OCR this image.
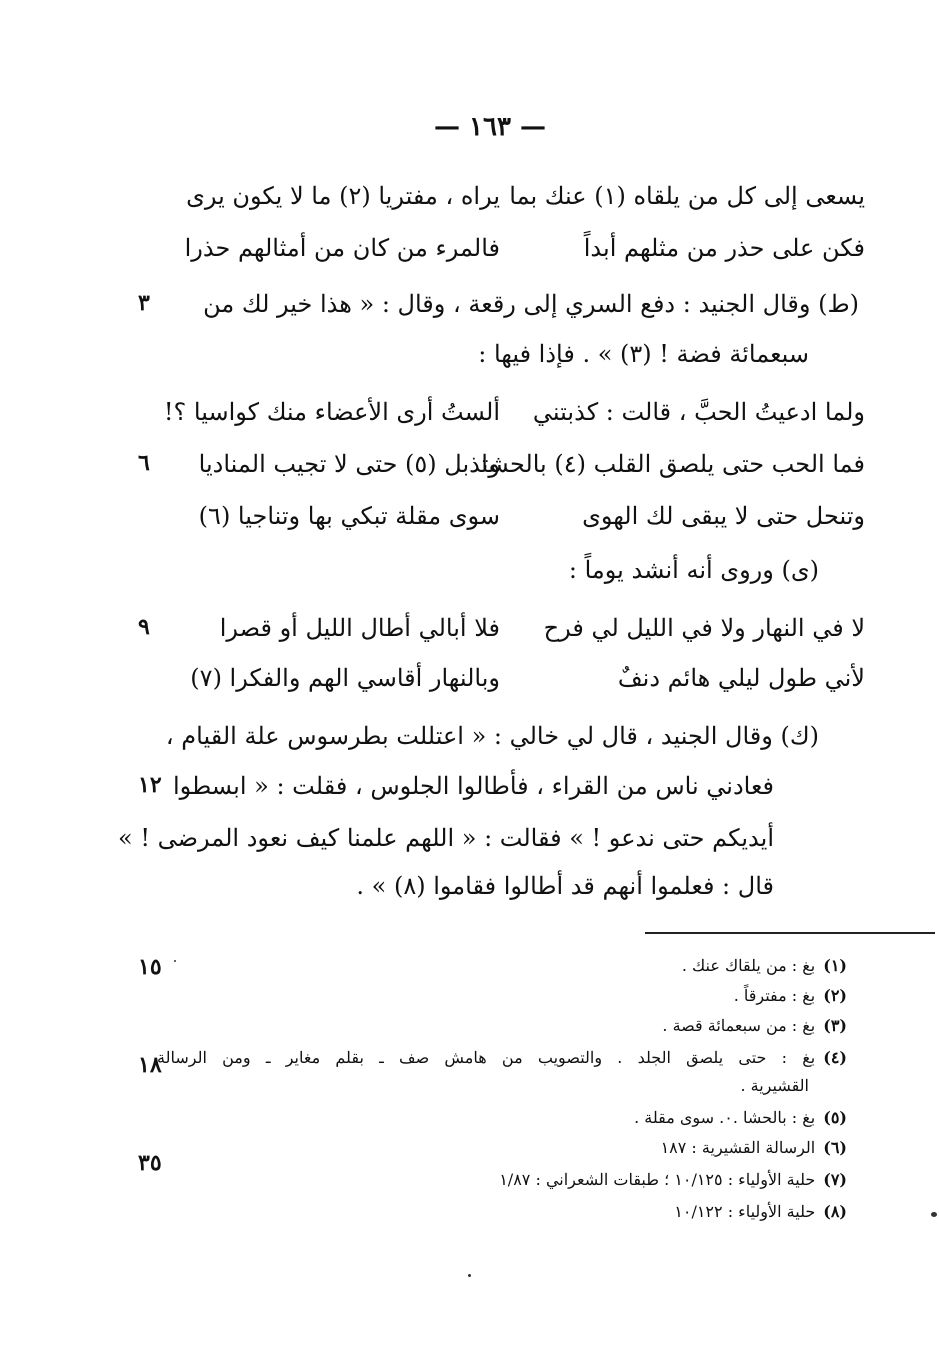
— ١٦٣ —
يسعى إلى كل من يلقاه (١) عنك بما
يراه ، مفتريا (٢) ما لا يكون يرى
فكن على حذر من مثلهم أبداً
فالمرء من كان من أمثالهم حذرا
(ط) وقال الجنيد : دفع السري إلى رقعة ، وقال : « هذا خير لك من
٣
سبعمائة فضة ! (٣) » . فإذا فيها :
ولما ادعيتُ الحبَّ ، قالت : كذبتني
ألستُ أرى الأعضاء منك كواسيا ؟!
فما الحب حتى يلصق القلب (٤) بالحشا
وتذبل (٥) حتى لا تجيب المناديا
٦
وتنحل حتى لا يبقى لك الهوى
سوى مقلة تبكي بها وتناجيا (٦)
(ى) وروى أنه أنشد يوماً :
لا في النهار ولا في الليل لي فرح
فلا أبالي أطال الليل أو قصرا
٩
لأني طول ليلي هائم دنفٌ
وبالنهار أقاسي الهم والفكرا (٧)
(ك) وقال الجنيد ، قال لي خالي : « اعتللت بطرسوس علة القيام ،
فعادني ناس من القراء ، فأطالوا الجلوس ، فقلت : « ابسطوا
١٢
أيديكم حتى ندعو ! » فقالت : « اللهم علمنا كيف نعود المرضى ! »
قال : فعلموا أنهم قد أطالوا فقاموا (٨) » .
(١)بغ : من يلقاك عنك .
١٥
(٢)بغ : مفترقاً .
(٣)بغ : من سبعمائة قصة .
(٤)بغ : حتى يلصق الجلد . والتصويب من هامش صف ـ بقلم مغاير ـ ومن الرسالة
١٨
القشيرية .
(٥)بغ : بالحشا .٠. سوى مقلة .
(٦)الرسالة القشيرية : ١٨٧
٣٥
(٧)حلية الأولياء : ١٠/١٢٥ ؛ طبقات الشعراني : ١/٨٧
(٨)حلية الأولياء : ١٠/١٢٢
